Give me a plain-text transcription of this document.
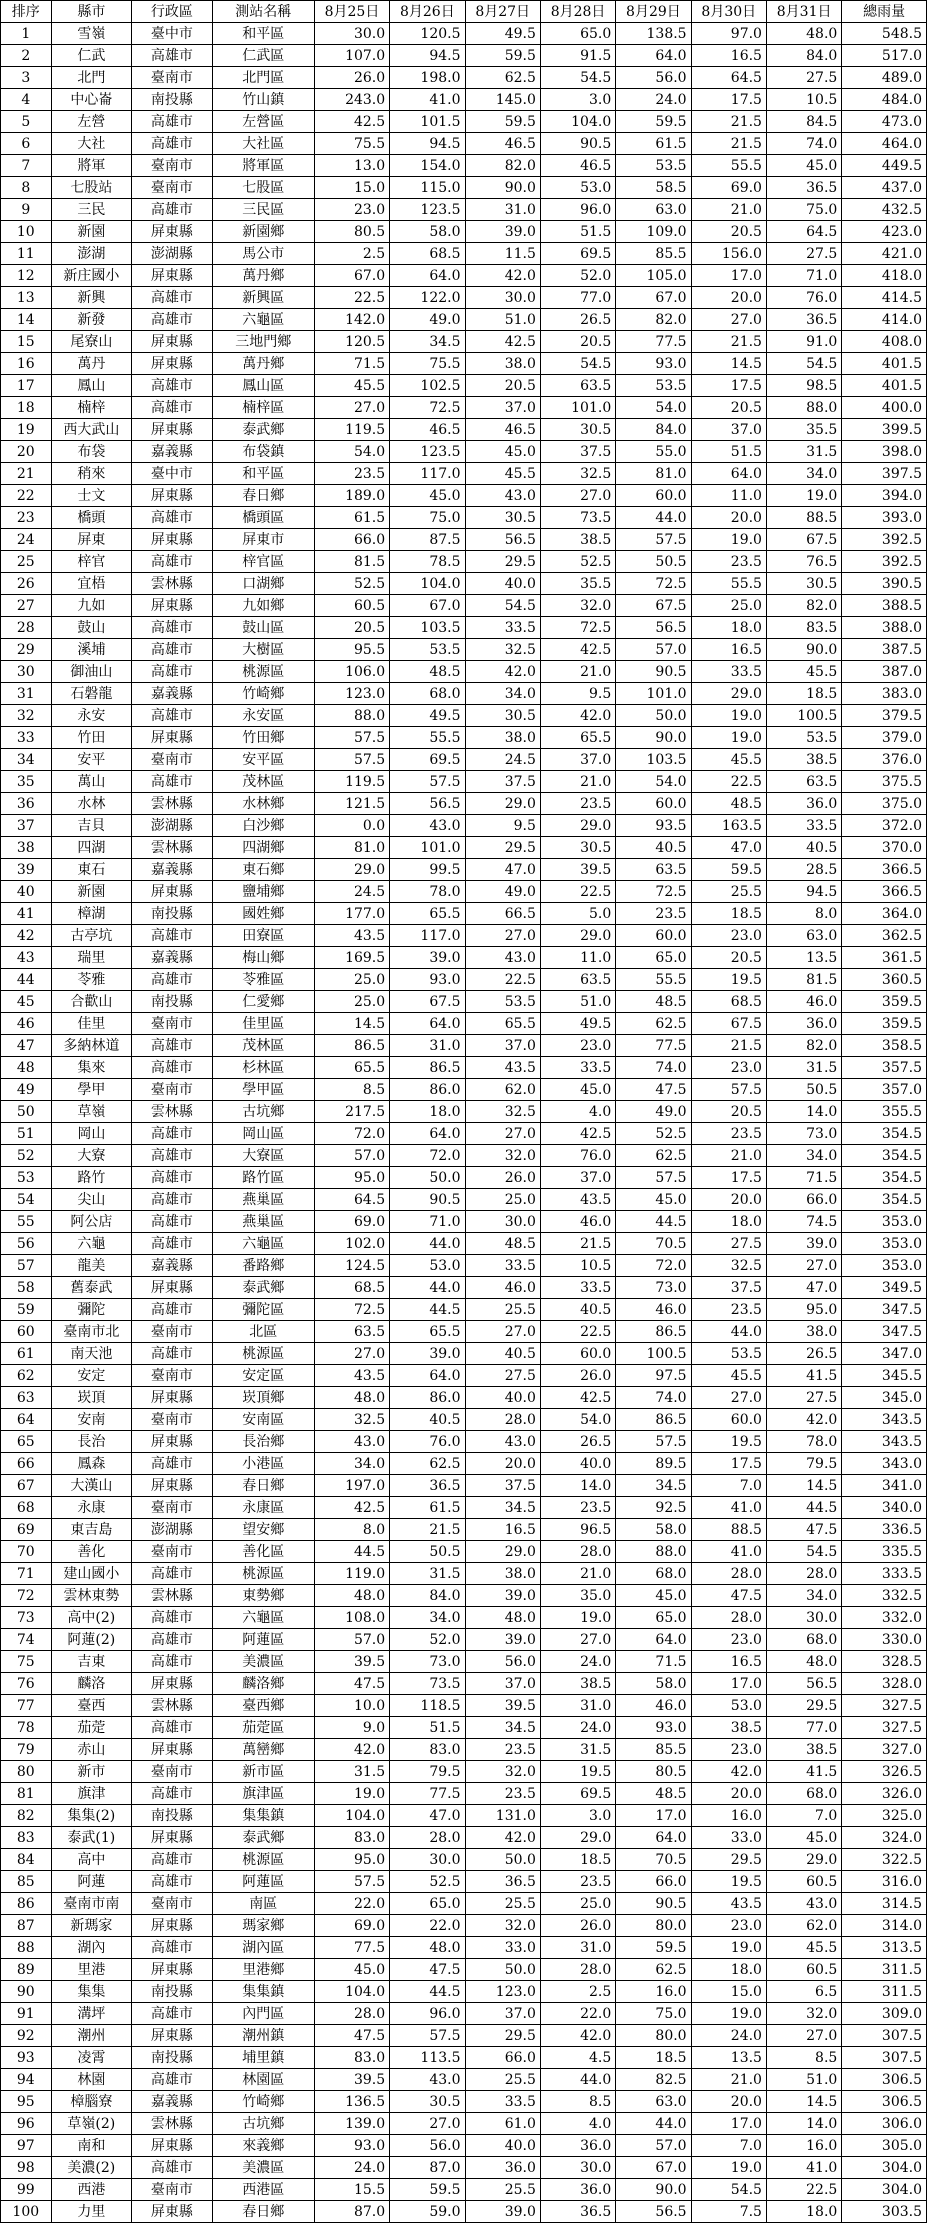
排序	縣市	行政區	測站名稱	8月25日	8月26日	8月27日	8月28日	8月29日	8月30日	8月31日	總雨量
1	雪嶺	臺中市	和平區	30.0	120.5	49.5	65.0	138.5	97.0	48.0	548.5
2	仁武	高雄市	仁武區	107.0	94.5	59.5	91.5	64.0	16.5	84.0	517.0
3	北門	臺南市	北門區	26.0	198.0	62.5	54.5	56.0	64.5	27.5	489.0
4	中心崙	南投縣	竹山鎮	243.0	41.0	145.0	3.0	24.0	17.5	10.5	484.0
5	左營	高雄市	左營區	42.5	101.5	59.5	104.0	59.5	21.5	84.5	473.0
6	大社	高雄市	大社區	75.5	94.5	46.5	90.5	61.5	21.5	74.0	464.0
7	將軍	臺南市	將軍區	13.0	154.0	82.0	46.5	53.5	55.5	45.0	449.5
8	七股站	臺南市	七股區	15.0	115.0	90.0	53.0	58.5	69.0	36.5	437.0
9	三民	高雄市	三民區	23.0	123.5	31.0	96.0	63.0	21.0	75.0	432.5
10	新園	屏東縣	新園鄉	80.5	58.0	39.0	51.5	109.0	20.5	64.5	423.0
11	澎湖	澎湖縣	馬公市	2.5	68.5	11.5	69.5	85.5	156.0	27.5	421.0
12	新庄國小	屏東縣	萬丹鄉	67.0	64.0	42.0	52.0	105.0	17.0	71.0	418.0
13	新興	高雄市	新興區	22.5	122.0	30.0	77.0	67.0	20.0	76.0	414.5
14	新發	高雄市	六龜區	142.0	49.0	51.0	26.5	82.0	27.0	36.5	414.0
15	尾寮山	屏東縣	三地門鄉	120.5	34.5	42.5	20.5	77.5	21.5	91.0	408.0
16	萬丹	屏東縣	萬丹鄉	71.5	75.5	38.0	54.5	93.0	14.5	54.5	401.5
17	鳳山	高雄市	鳳山區	45.5	102.5	20.5	63.5	53.5	17.5	98.5	401.5
18	楠梓	高雄市	楠梓區	27.0	72.5	37.0	101.0	54.0	20.5	88.0	400.0
19	西大武山	屏東縣	泰武鄉	119.5	46.5	46.5	30.5	84.0	37.0	35.5	399.5
20	布袋	嘉義縣	布袋鎮	54.0	123.5	45.0	37.5	55.0	51.5	31.5	398.0
21	稍來	臺中市	和平區	23.5	117.0	45.5	32.5	81.0	64.0	34.0	397.5
22	士文	屏東縣	春日鄉	189.0	45.0	43.0	27.0	60.0	11.0	19.0	394.0
23	橋頭	高雄市	橋頭區	61.5	75.0	30.5	73.5	44.0	20.0	88.5	393.0
24	屏東	屏東縣	屏東市	66.0	87.5	56.5	38.5	57.5	19.0	67.5	392.5
25	梓官	高雄市	梓官區	81.5	78.5	29.5	52.5	50.5	23.5	76.5	392.5
26	宜梧	雲林縣	口湖鄉	52.5	104.0	40.0	35.5	72.5	55.5	30.5	390.5
27	九如	屏東縣	九如鄉	60.5	67.0	54.5	32.0	67.5	25.0	82.0	388.5
28	鼓山	高雄市	鼓山區	20.5	103.5	33.5	72.5	56.5	18.0	83.5	388.0
29	溪埔	高雄市	大樹區	95.5	53.5	32.5	42.5	57.0	16.5	90.0	387.5
30	御油山	高雄市	桃源區	106.0	48.5	42.0	21.0	90.5	33.5	45.5	387.0
31	石磐龍	嘉義縣	竹崎鄉	123.0	68.0	34.0	9.5	101.0	29.0	18.5	383.0
32	永安	高雄市	永安區	88.0	49.5	30.5	42.0	50.0	19.0	100.5	379.5
33	竹田	屏東縣	竹田鄉	57.5	55.5	38.0	65.5	90.0	19.0	53.5	379.0
34	安平	臺南市	安平區	57.5	69.5	24.5	37.0	103.5	45.5	38.5	376.0
35	萬山	高雄市	茂林區	119.5	57.5	37.5	21.0	54.0	22.5	63.5	375.5
36	水林	雲林縣	水林鄉	121.5	56.5	29.0	23.5	60.0	48.5	36.0	375.0
37	吉貝	澎湖縣	白沙鄉	0.0	43.0	9.5	29.0	93.5	163.5	33.5	372.0
38	四湖	雲林縣	四湖鄉	81.0	101.0	29.5	30.5	40.5	47.0	40.5	370.0
39	東石	嘉義縣	東石鄉	29.0	99.5	47.0	39.5	63.5	59.5	28.5	366.5
40	新園	屏東縣	鹽埔鄉	24.5	78.0	49.0	22.5	72.5	25.5	94.5	366.5
41	樟湖	南投縣	國姓鄉	177.0	65.5	66.5	5.0	23.5	18.5	8.0	364.0
42	古亭坑	高雄市	田寮區	43.5	117.0	27.0	29.0	60.0	23.0	63.0	362.5
43	瑞里	嘉義縣	梅山鄉	169.5	39.0	43.0	11.0	65.0	20.5	13.5	361.5
44	苓雅	高雄市	苓雅區	25.0	93.0	22.5	63.5	55.5	19.5	81.5	360.5
45	合歡山	南投縣	仁愛鄉	25.0	67.5	53.5	51.0	48.5	68.5	46.0	359.5
46	佳里	臺南市	佳里區	14.5	64.0	65.5	49.5	62.5	67.5	36.0	359.5
47	多納林道	高雄市	茂林區	86.5	31.0	37.0	23.0	77.5	21.5	82.0	358.5
48	集來	高雄市	杉林區	65.5	86.5	43.5	33.5	74.0	23.0	31.5	357.5
49	學甲	臺南市	學甲區	8.5	86.0	62.0	45.0	47.5	57.5	50.5	357.0
50	草嶺	雲林縣	古坑鄉	217.5	18.0	32.5	4.0	49.0	20.5	14.0	355.5
51	岡山	高雄市	岡山區	72.0	64.0	27.0	42.5	52.5	23.5	73.0	354.5
52	大寮	高雄市	大寮區	57.0	72.0	32.0	76.0	62.5	21.0	34.0	354.5
53	路竹	高雄市	路竹區	95.0	50.0	26.0	37.0	57.5	17.5	71.5	354.5
54	尖山	高雄市	燕巢區	64.5	90.5	25.0	43.5	45.0	20.0	66.0	354.5
55	阿公店	高雄市	燕巢區	69.0	71.0	30.0	46.0	44.5	18.0	74.5	353.0
56	六龜	高雄市	六龜區	102.0	44.0	48.5	21.5	70.5	27.5	39.0	353.0
57	龍美	嘉義縣	番路鄉	124.5	53.0	33.5	10.5	72.0	32.5	27.0	353.0
58	舊泰武	屏東縣	泰武鄉	68.5	44.0	46.0	33.5	73.0	37.5	47.0	349.5
59	彌陀	高雄市	彌陀區	72.5	44.5	25.5	40.5	46.0	23.5	95.0	347.5
60	臺南市北	臺南市	北區	63.5	65.5	27.0	22.5	86.5	44.0	38.0	347.5
61	南天池	高雄市	桃源區	27.0	39.0	40.5	60.0	100.5	53.5	26.5	347.0
62	安定	臺南市	安定區	43.5	64.0	27.5	26.0	97.5	45.5	41.5	345.5
63	崁頂	屏東縣	崁頂鄉	48.0	86.0	40.0	42.5	74.0	27.0	27.5	345.0
64	安南	臺南市	安南區	32.5	40.5	28.0	54.0	86.5	60.0	42.0	343.5
65	長治	屏東縣	長治鄉	43.0	76.0	43.0	26.5	57.5	19.5	78.0	343.5
66	鳳森	高雄市	小港區	34.0	62.5	20.0	40.0	89.5	17.5	79.5	343.0
67	大漢山	屏東縣	春日鄉	197.0	36.5	37.5	14.0	34.5	7.0	14.5	341.0
68	永康	臺南市	永康區	42.5	61.5	34.5	23.5	92.5	41.0	44.5	340.0
69	東吉島	澎湖縣	望安鄉	8.0	21.5	16.5	96.5	58.0	88.5	47.5	336.5
70	善化	臺南市	善化區	44.5	50.5	29.0	28.0	88.0	41.0	54.5	335.5
71	建山國小	高雄市	桃源區	119.0	31.5	38.0	21.0	68.0	28.0	28.0	333.5
72	雲林東勢	雲林縣	東勢鄉	48.0	84.0	39.0	35.0	45.0	47.5	34.0	332.5
73	高中(2)	高雄市	六龜區	108.0	34.0	48.0	19.0	65.0	28.0	30.0	332.0
74	阿蓮(2)	高雄市	阿蓮區	57.0	52.0	39.0	27.0	64.0	23.0	68.0	330.0
75	吉東	高雄市	美濃區	39.5	73.0	56.0	24.0	71.5	16.5	48.0	328.5
76	麟洛	屏東縣	麟洛鄉	47.5	73.5	37.0	38.5	58.0	17.0	56.5	328.0
77	臺西	雲林縣	臺西鄉	10.0	118.5	39.5	31.0	46.0	53.0	29.5	327.5
78	茄萣	高雄市	茄萣區	9.0	51.5	34.5	24.0	93.0	38.5	77.0	327.5
79	赤山	屏東縣	萬巒鄉	42.0	83.0	23.5	31.5	85.5	23.0	38.5	327.0
80	新市	臺南市	新市區	31.5	79.5	32.0	19.5	80.5	42.0	41.5	326.5
81	旗津	高雄市	旗津區	19.0	77.5	23.5	69.5	48.5	20.0	68.0	326.0
82	集集(2)	南投縣	集集鎮	104.0	47.0	131.0	3.0	17.0	16.0	7.0	325.0
83	泰武(1)	屏東縣	泰武鄉	83.0	28.0	42.0	29.0	64.0	33.0	45.0	324.0
84	高中	高雄市	桃源區	95.0	30.0	50.0	18.5	70.5	29.5	29.0	322.5
85	阿蓮	高雄市	阿蓮區	57.5	52.5	36.5	23.5	66.0	19.5	60.5	316.0
86	臺南市南	臺南市	南區	22.0	65.0	25.5	25.0	90.5	43.5	43.0	314.5
87	新瑪家	屏東縣	瑪家鄉	69.0	22.0	32.0	26.0	80.0	23.0	62.0	314.0
88	湖內	高雄市	湖內區	77.5	48.0	33.0	31.0	59.5	19.0	45.5	313.5
89	里港	屏東縣	里港鄉	45.0	47.5	50.0	28.0	62.5	18.0	60.5	311.5
90	集集	南投縣	集集鎮	104.0	44.5	123.0	2.5	16.0	15.0	6.5	311.5
91	溝坪	高雄市	內門區	28.0	96.0	37.0	22.0	75.0	19.0	32.0	309.0
92	潮州	屏東縣	潮州鎮	47.5	57.5	29.5	42.0	80.0	24.0	27.0	307.5
93	凌霄	南投縣	埔里鎮	83.0	113.5	66.0	4.5	18.5	13.5	8.5	307.5
94	林園	高雄市	林園區	39.5	43.0	25.5	44.0	82.5	21.0	51.0	306.5
95	樟腦寮	嘉義縣	竹崎鄉	136.5	30.5	33.5	8.5	63.0	20.0	14.5	306.5
96	草嶺(2)	雲林縣	古坑鄉	139.0	27.0	61.0	4.0	44.0	17.0	14.0	306.0
97	南和	屏東縣	來義鄉	93.0	56.0	40.0	36.0	57.0	7.0	16.0	305.0
98	美濃(2)	高雄市	美濃區	24.0	87.0	36.0	30.0	67.0	19.0	41.0	304.0
99	西港	臺南市	西港區	15.5	59.5	25.5	36.0	90.0	54.5	22.5	304.0
100	力里	屏東縣	春日鄉	87.0	59.0	39.0	36.5	56.5	7.5	18.0	303.5
